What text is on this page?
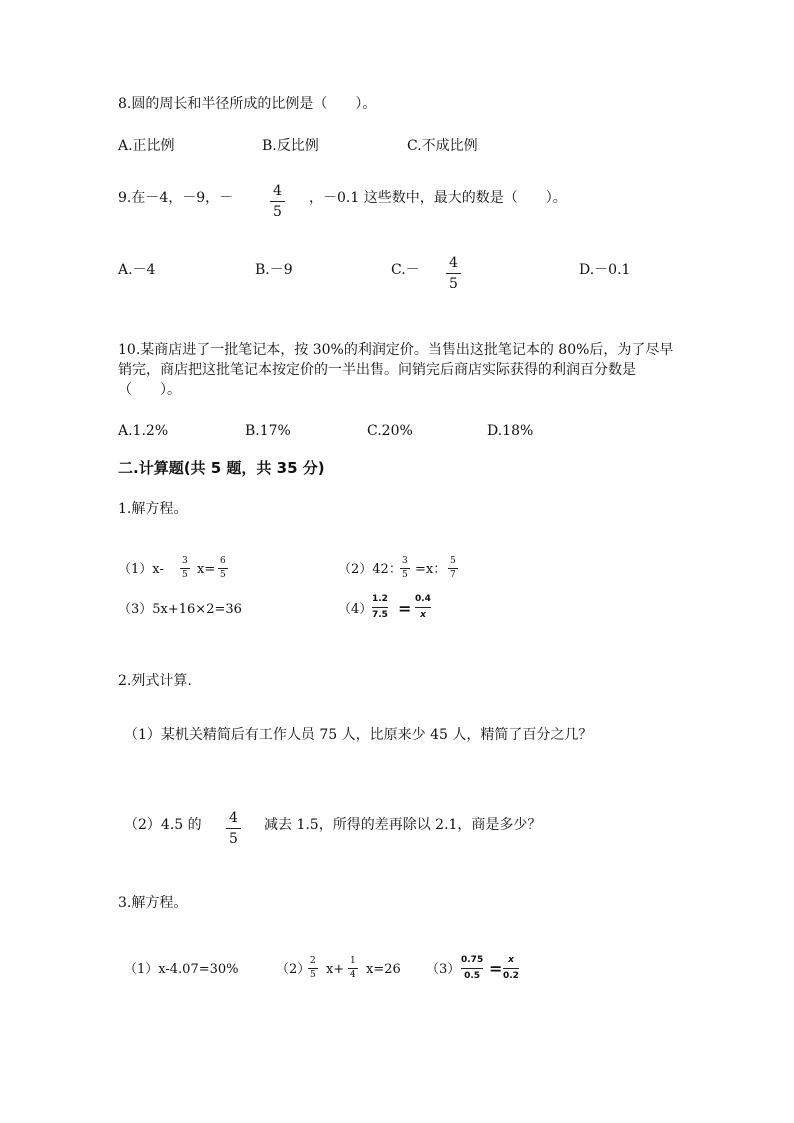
8.圆的周长和半径所成的比例是（　　）。
A.正比例	B.反比例	C.不成比例
9.在－4，－9，－	4
5
，－0.1 这些数中，最大的数是（　　）。
A.－4	B.－9	C.－ 4
5
D.－0.1
10.某商店进了一批笔记本，按 30%的利润定价。当售出这批笔记本的 80%后，为了尽早销完，商店把这批笔记本按定价的一半出售。问销完后商店实际获得的利润百分数是（　　）。
A.1.2%	B.17%	C.20%	D.18%
二.计算题(共 5 题，共 35 分)
1.解方程。
（1）x-
3
5 x=
6
5	（2）42：
3
5 =x：
5
7
（3）5x+16×2=36	（4）
1.2
7.5 = 0.4
x
2.列式计算.
（1）某机关精简后有工作人员 75 人，比原来少 45 人，精简了百分之几？
（2）4.5 的 4
5
减去 1.5，所得的差再除以 2.1，商是多少？
3.解方程。
（1）x-4.07=30%	（2）
2
5 x+
1
4 x=26 （3）
0.75
0.5 = x
0.2
